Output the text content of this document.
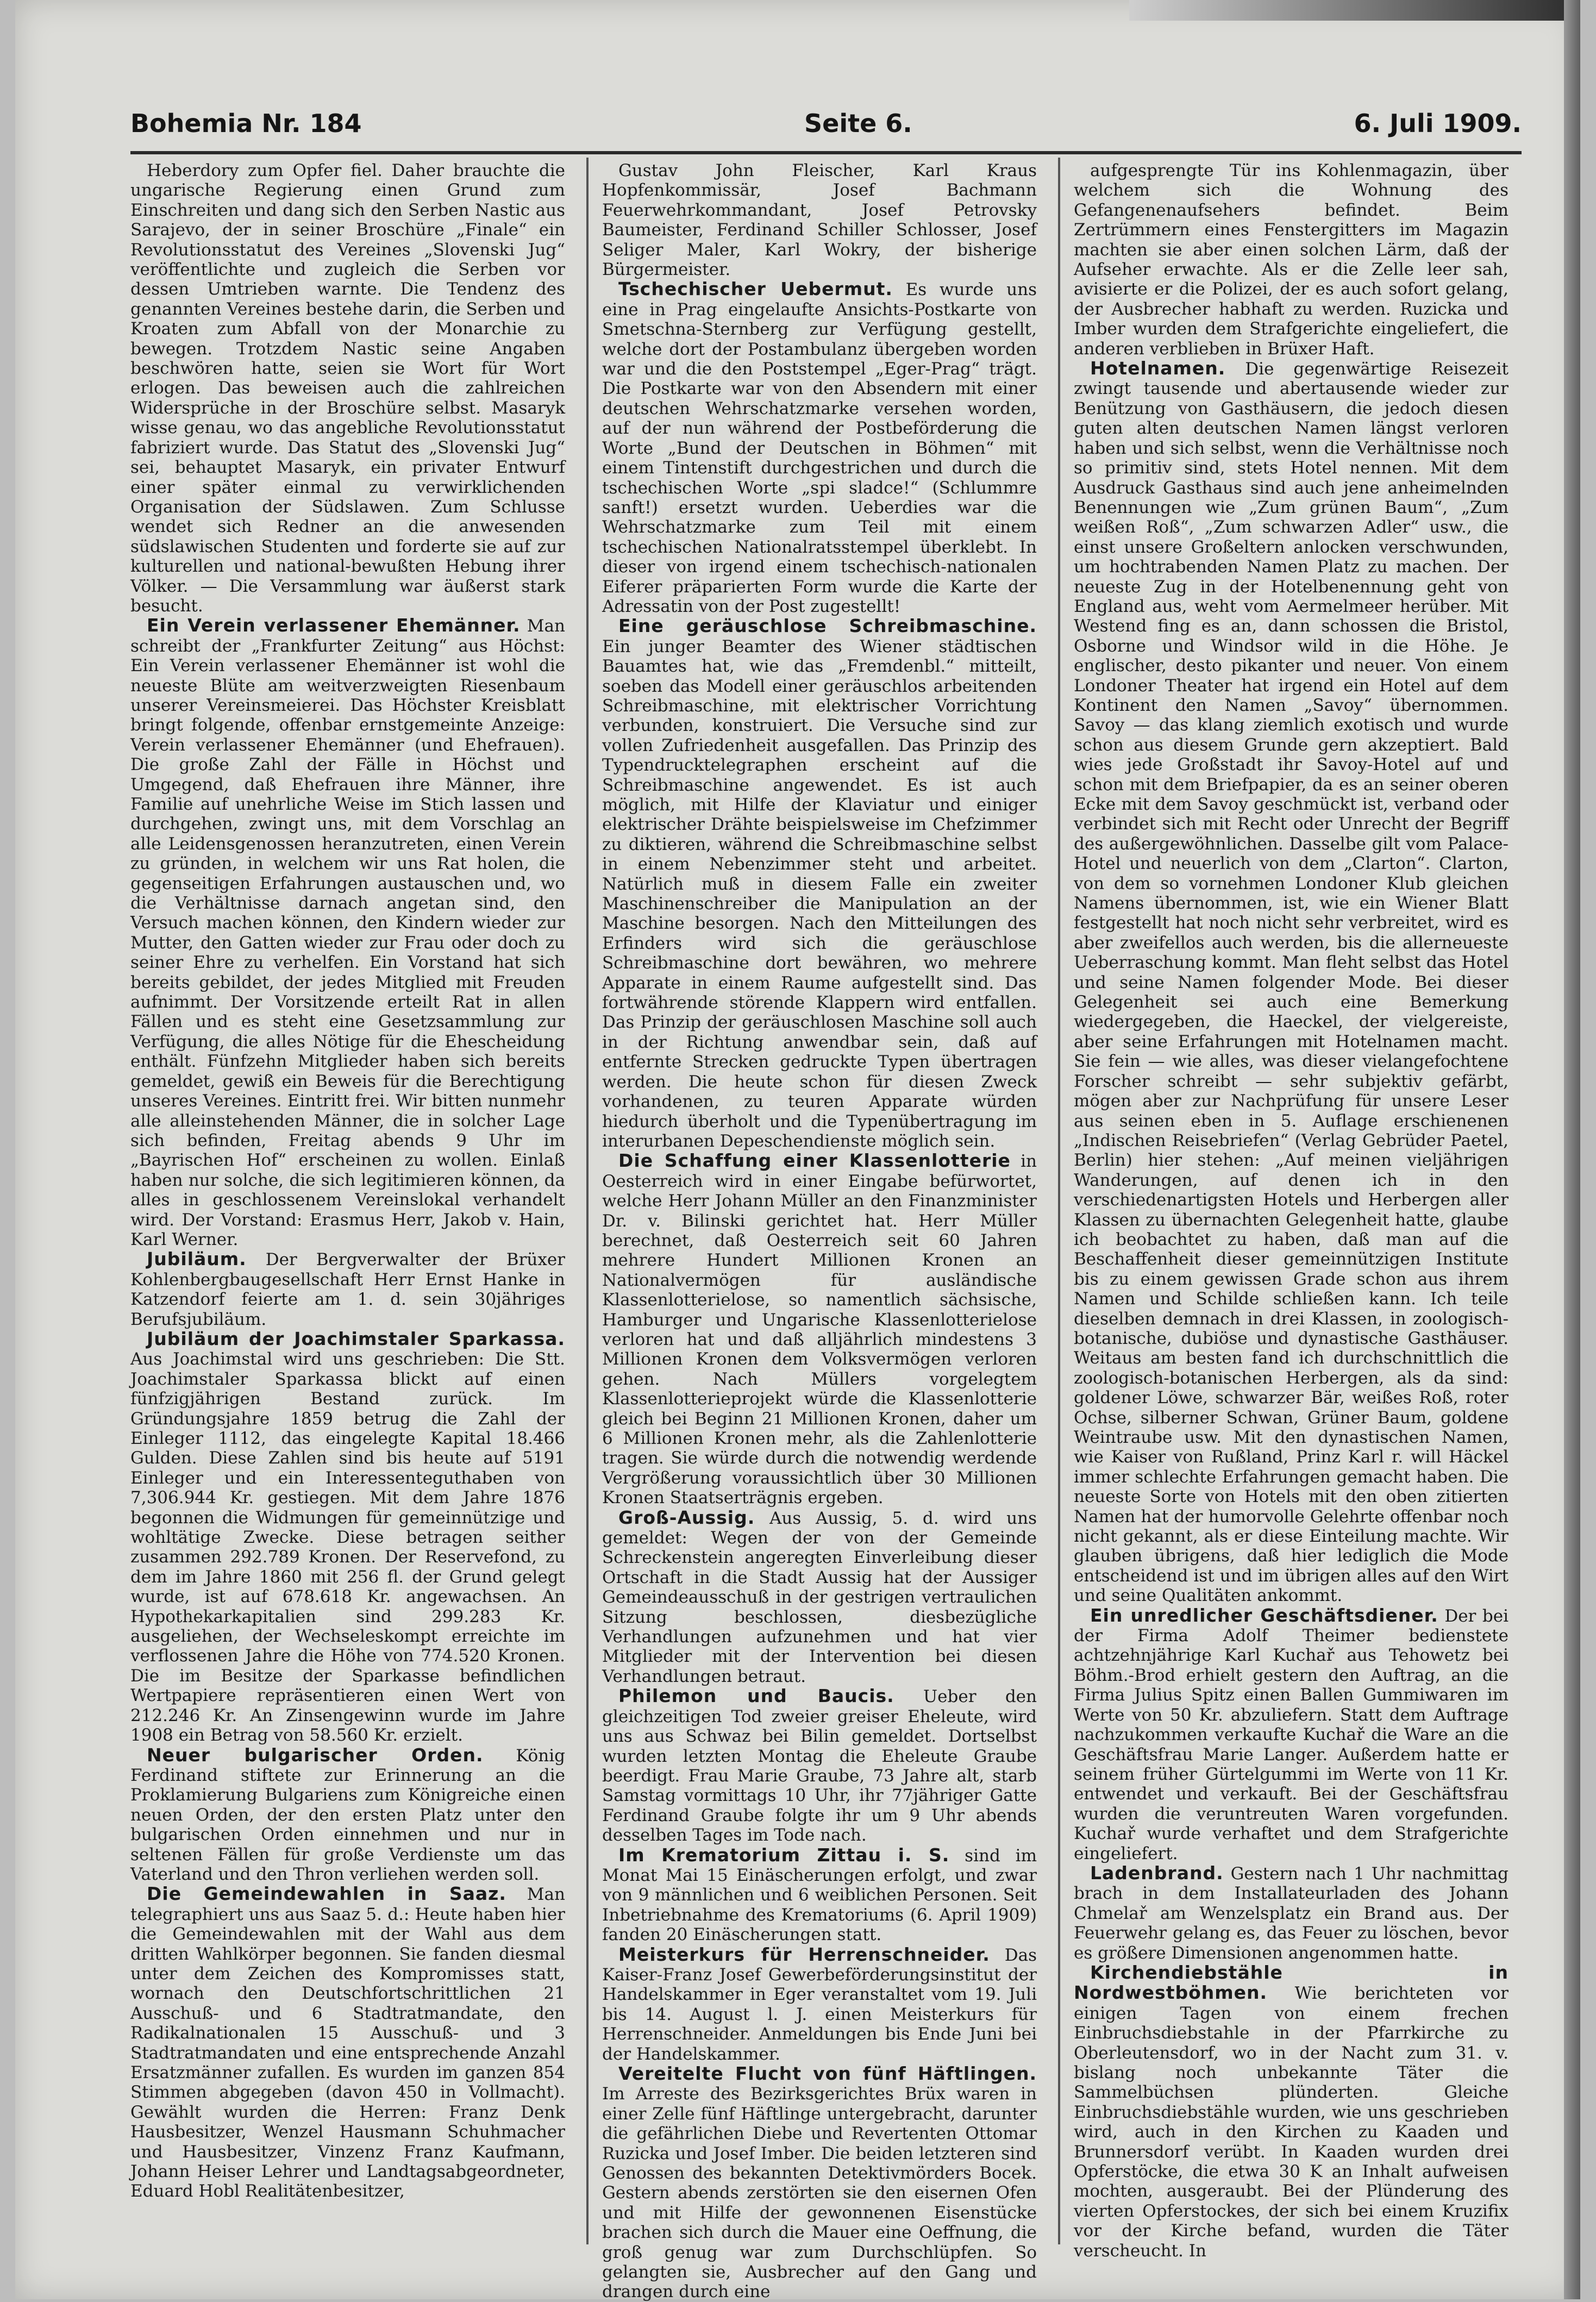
Bohemia Nr. 184	Seite 6.	6. Juli 1909.

Heberdory zum Opfer fiel. Daher brauchte die ungarische Regierung einen Grund zum Einschreiten und dang sich den Serben Nastic aus Sarajevo, der in seiner Broschüre „Finale“ ein Revolutionsstatut des Vereines „Slovenski Jug“ veröffentlichte und zugleich die Serben vor dessen Umtrieben warnte. Die Tendenz des genannten Vereines bestehe darin, die Serben und Kroaten zum Abfall von der Monarchie zu bewegen. Trotzdem Nastic seine Angaben beschwören hatte, seien sie Wort für Wort erlogen. Das beweisen auch die zahlreichen Widersprüche in der Broschüre selbst. Masaryk wisse genau, wo das angebliche Revolutionsstatut fabriziert wurde. Das Statut des „Slovenski Jug“ sei, behauptet Masaryk, ein privater Entwurf einer später einmal zu verwirklichenden Organisation der Südslawen. Zum Schlusse wendet sich Redner an die anwesenden südslawischen Studenten und forderte sie auf zur kulturellen und national-bewußten Hebung ihrer Völker. — Die Versammlung war äußerst stark besucht.

Ein Verein verlassener Ehemänner. Man schreibt der „Frankfurter Zeitung“ aus Höchst: Ein Verein verlassener Ehemänner ist wohl die neueste Blüte am weitverzweigten Riesenbaum unserer Vereinsmeierei. Das Höchster Kreisblatt bringt folgende, offenbar ernstgemeinte Anzeige: Verein verlassener Ehemänner (und Ehefrauen). Die große Zahl der Fälle in Höchst und Umgegend, daß Ehefrauen ihre Männer, ihre Familie auf unehrliche Weise im Stich lassen und durchgehen, zwingt uns, mit dem Vorschlag an alle Leidensgenossen heranzutreten, einen Verein zu gründen, in welchem wir uns Rat holen, die gegenseitigen Erfahrungen austauschen und, wo die Verhältnisse darnach angetan sind, den Versuch machen können, den Kindern wieder zur Mutter, den Gatten wieder zur Frau oder doch zu seiner Ehre zu verhelfen. Ein Vorstand hat sich bereits gebildet, der jedes Mitglied mit Freuden aufnimmt. Der Vorsitzende erteilt Rat in allen Fällen und es steht eine Gesetzsammlung zur Verfügung, die alles Nötige für die Ehescheidung enthält. Fünfzehn Mitglieder haben sich bereits gemeldet, gewiß ein Beweis für die Berechtigung unseres Vereines. Eintritt frei. Wir bitten nunmehr alle alleinstehenden Männer, die in solcher Lage sich befinden, Freitag abends 9 Uhr im „Bayrischen Hof“ erscheinen zu wollen. Einlaß haben nur solche, die sich legitimieren können, da alles in geschlossenem Vereinslokal verhandelt wird. Der Vorstand: Erasmus Herr, Jakob v. Hain, Karl Werner.

Jubiläum. Der Bergverwalter der Brüxer Kohlenbergbaugesellschaft Herr Ernst Hanke in Katzendorf feierte am 1. d. sein 30jähriges Berufsjubiläum.

Jubiläum der Joachimstaler Sparkassa. Aus Joachimstal wird uns geschrieben: Die Stt. Joachimstaler Sparkassa blickt auf einen fünfzigjährigen Bestand zurück. Im Gründungsjahre 1859 betrug die Zahl der Einleger 1112, das eingelegte Kapital 18.466 Gulden. Diese Zahlen sind bis heute auf 5191 Einleger und ein Interessenteguthaben von 7,306.944 Kr. gestiegen. Mit dem Jahre 1876 begonnen die Widmungen für gemeinnützige und wohltätige Zwecke. Diese betragen seither zusammen 292.789 Kronen. Der Reservefond, zu dem im Jahre 1860 mit 256 fl. der Grund gelegt wurde, ist auf 678.618 Kr. angewachsen. An Hypothekarkapitalien sind 299.283 Kr. ausgeliehen, der Wechseleskompt erreichte im verflossenen Jahre die Höhe von 774.520 Kronen. Die im Besitze der Sparkasse befindlichen Wertpapiere repräsentieren einen Wert von 212.246 Kr. An Zinsengewinn wurde im Jahre 1908 ein Betrag von 58.560 Kr. erzielt.

Neuer bulgarischer Orden. König Ferdinand stiftete zur Erinnerung an die Proklamierung Bulgariens zum Königreiche einen neuen Orden, der den ersten Platz unter den bulgarischen Orden einnehmen und nur in seltenen Fällen für große Verdienste um das Vaterland und den Thron verliehen werden soll.

Die Gemeindewahlen in Saaz. Man telegraphiert uns aus Saaz 5. d.: Heute haben hier die Gemeindewahlen mit der Wahl aus dem dritten Wahlkörper begonnen. Sie fanden diesmal unter dem Zeichen des Kompromisses statt, wornach den Deutschfortschrittlichen 21 Ausschuß- und 6 Stadtratmandate, den Radikalnationalen 15 Ausschuß- und 3 Stadtratmandaten und eine entsprechende Anzahl Ersatzmänner zufallen. Es wurden im ganzen 854 Stimmen abgegeben (davon 450 in Vollmacht). Gewählt wurden die Herren: Franz Denk Hausbesitzer, Wenzel Hausmann Schuhmacher und Hausbesitzer, Vinzenz Franz Kaufmann, Johann Heiser Lehrer und Landtagsabgeordneter, Eduard Hobl Realitätenbesitzer,

Gustav John Fleischer, Karl Kraus Hopfenkommissär, Josef Bachmann Feuerwehrkommandant, Josef Petrovsky Baumeister, Ferdinand Schiller Schlosser, Josef Seliger Maler, Karl Wokry, der bisherige Bürgermeister.

Tschechischer Uebermut. Es wurde uns eine in Prag eingelaufte Ansichts-Postkarte von Smetschna-Sternberg zur Verfügung gestellt, welche dort der Postambulanz übergeben worden war und die den Poststempel „Eger-Prag“ trägt. Die Postkarte war von den Absendern mit einer deutschen Wehrschatzmarke versehen worden, auf der nun während der Postbeförderung die Worte „Bund der Deutschen in Böhmen“ mit einem Tintenstift durchgestrichen und durch die tschechischen Worte „spi sladce!“ (Schlummre sanft!) ersetzt wurden. Ueberdies war die Wehrschatzmarke zum Teil mit einem tschechischen Nationalratsstempel überklebt. In dieser von irgend einem tschechisch-nationalen Eiferer präparierten Form wurde die Karte der Adressatin von der Post zugestellt!

Eine geräuschlose Schreibmaschine. Ein junger Beamter des Wiener städtischen Bauamtes hat, wie das „Fremdenbl.“ mitteilt, soeben das Modell einer geräuschlos arbeitenden Schreibmaschine, mit elektrischer Vorrichtung verbunden, konstruiert. Die Versuche sind zur vollen Zufriedenheit ausgefallen. Das Prinzip des Typendrucktelegraphen erscheint auf die Schreibmaschine angewendet. Es ist auch möglich, mit Hilfe der Klaviatur und einiger elektrischer Drähte beispielsweise im Chefzimmer zu diktieren, während die Schreibmaschine selbst in einem Nebenzimmer steht und arbeitet. Natürlich muß in diesem Falle ein zweiter Maschinenschreiber die Manipulation an der Maschine besorgen. Nach den Mitteilungen des Erfinders wird sich die geräuschlose Schreibmaschine dort bewähren, wo mehrere Apparate in einem Raume aufgestellt sind. Das fortwährende störende Klappern wird entfallen. Das Prinzip der geräuschlosen Maschine soll auch in der Richtung anwendbar sein, daß auf entfernte Strecken gedruckte Typen übertragen werden. Die heute schon für diesen Zweck vorhandenen, zu teuren Apparate würden hiedurch überholt und die Typenübertragung im interurbanen Depeschendienste möglich sein.

Die Schaffung einer Klassenlotterie in Oesterreich wird in einer Eingabe befürwortet, welche Herr Johann Müller an den Finanzminister Dr. v. Bilinski gerichtet hat. Herr Müller berechnet, daß Oesterreich seit 60 Jahren mehrere Hundert Millionen Kronen an Nationalvermögen für ausländische Klassenlotterielose, so namentlich sächsische, Hamburger und Ungarische Klassenlotterielose verloren hat und daß alljährlich mindestens 3 Millionen Kronen dem Volksvermögen verloren gehen. Nach Müllers vorgelegtem Klassenlotterieprojekt würde die Klassenlotterie gleich bei Beginn 21 Millionen Kronen, daher um 6 Millionen Kronen mehr, als die Zahlenlotterie tragen. Sie würde durch die notwendig werdende Vergrößerung voraussichtlich über 30 Millionen Kronen Staatserträgnis ergeben.

Groß-Aussig. Aus Aussig, 5. d. wird uns gemeldet: Wegen der von der Gemeinde Schreckenstein angeregten Einverleibung dieser Ortschaft in die Stadt Aussig hat der Aussiger Gemeindeausschuß in der gestrigen vertraulichen Sitzung beschlossen, diesbezügliche Verhandlungen aufzunehmen und hat vier Mitglieder mit der Intervention bei diesen Verhandlungen betraut.

Philemon und Baucis. Ueber den gleichzeitigen Tod zweier greiser Eheleute, wird uns aus Schwaz bei Bilin gemeldet. Dortselbst wurden letzten Montag die Eheleute Graube beerdigt. Frau Marie Graube, 73 Jahre alt, starb Samstag vormittags 10 Uhr, ihr 77jähriger Gatte Ferdinand Graube folgte ihr um 9 Uhr abends desselben Tages im Tode nach.

Im Krematorium Zittau i. S. sind im Monat Mai 15 Einäscherungen erfolgt, und zwar von 9 männlichen und 6 weiblichen Personen. Seit Inbetriebnahme des Krematoriums (6. April 1909) fanden 20 Einäscherungen statt.

Meisterkurs für Herrenschneider. Das Kaiser-Franz Josef Gewerbeförderungsinstitut der Handelskammer in Eger veranstaltet vom 19. Juli bis 14. August l. J. einen Meisterkurs für Herrenschneider. Anmeldungen bis Ende Juni bei der Handelskammer.

Vereitelte Flucht von fünf Häftlingen. Im Arreste des Bezirksgerichtes Brüx waren in einer Zelle fünf Häftlinge untergebracht, darunter die gefährlichen Diebe und Revertenten Ottomar Ruzicka und Josef Imber. Die beiden letzteren sind Genossen des bekannten Detektivmörders Bocek. Gestern abends zerstörten sie den eisernen Ofen und mit Hilfe der gewonnenen Eisenstücke brachen sich durch die Mauer eine Oeffnung, die groß genug war zum Durchschlüpfen. So gelangten sie, Ausbrecher auf den Gang und drangen durch eine

aufgesprengte Tür ins Kohlenmagazin, über welchem sich die Wohnung des Gefangenenaufsehers befindet. Beim Zertrümmern eines Fenstergitters im Magazin machten sie aber einen solchen Lärm, daß der Aufseher erwachte. Als er die Zelle leer sah, avisierte er die Polizei, der es auch sofort gelang, der Ausbrecher habhaft zu werden. Ruzicka und Imber wurden dem Strafgerichte eingeliefert, die anderen verblieben in Brüxer Haft.

Hotelnamen. Die gegenwärtige Reisezeit zwingt tausende und abertausende wieder zur Benützung von Gasthäusern, die jedoch diesen guten alten deutschen Namen längst verloren haben und sich selbst, wenn die Verhältnisse noch so primitiv sind, stets Hotel nennen. Mit dem Ausdruck Gasthaus sind auch jene anheimelnden Benennungen wie „Zum grünen Baum“, „Zum weißen Roß“, „Zum schwarzen Adler“ usw., die einst unsere Großeltern anlocken verschwunden, um hochtrabenden Namen Platz zu machen. Der neueste Zug in der Hotelbenennung geht von England aus, weht vom Aermelmeer herüber. Mit Westend fing es an, dann schossen die Bristol, Osborne und Windsor wild in die Höhe. Je englischer, desto pikanter und neuer. Von einem Londoner Theater hat irgend ein Hotel auf dem Kontinent den Namen „Savoy“ übernommen. Savoy — das klang ziemlich exotisch und wurde schon aus diesem Grunde gern akzeptiert. Bald wies jede Großstadt ihr Savoy-Hotel auf und schon mit dem Briefpapier, da es an seiner oberen Ecke mit dem Savoy geschmückt ist, verband oder verbindet sich mit Recht oder Unrecht der Begriff des außergewöhnlichen. Dasselbe gilt vom Palace-Hotel und neuerlich von dem „Clarton“. Clarton, von dem so vornehmen Londoner Klub gleichen Namens übernommen, ist, wie ein Wiener Blatt festgestellt hat noch nicht sehr verbreitet, wird es aber zweifellos auch werden, bis die allerneueste Ueberraschung kommt. Man fleht selbst das Hotel und seine Namen folgender Mode. Bei dieser Gelegenheit sei auch eine Bemerkung wiedergegeben, die Haeckel, der vielgereiste, aber seine Erfahrungen mit Hotelnamen macht. Sie fein — wie alles, was dieser vielangefochtene Forscher schreibt — sehr subjektiv gefärbt, mögen aber zur Nachprüfung für unsere Leser aus seinen eben in 5. Auflage erschienenen „Indischen Reisebriefen“ (Verlag Gebrüder Paetel, Berlin) hier stehen: „Auf meinen vieljährigen Wanderungen, auf denen ich in den verschiedenartigsten Hotels und Herbergen aller Klassen zu übernachten Gelegenheit hatte, glaube ich beobachtet zu haben, daß man auf die Beschaffenheit dieser gemeinnützigen Institute bis zu einem gewissen Grade schon aus ihrem Namen und Schilde schließen kann. Ich teile dieselben demnach in drei Klassen, in zoologisch-botanische, dubiöse und dynastische Gasthäuser. Weitaus am besten fand ich durchschnittlich die zoologisch-botanischen Herbergen, als da sind: goldener Löwe, schwarzer Bär, weißes Roß, roter Ochse, silberner Schwan, Grüner Baum, goldene Weintraube usw. Mit den dynastischen Namen, wie Kaiser von Rußland, Prinz Karl r. will Häckel immer schlechte Erfahrungen gemacht haben. Die neueste Sorte von Hotels mit den oben zitierten Namen hat der humorvolle Gelehrte offenbar noch nicht gekannt, als er diese Einteilung machte. Wir glauben übrigens, daß hier lediglich die Mode entscheidend ist und im übrigen alles auf den Wirt und seine Qualitäten ankommt.

Ein unredlicher Geschäftsdiener. Der bei der Firma Adolf Theimer bedienstete achtzehnjährige Karl Kuchař aus Tehowetz bei Böhm.-Brod erhielt gestern den Auftrag, an die Firma Julius Spitz einen Ballen Gummiwaren im Werte von 50 Kr. abzuliefern. Statt dem Auftrage nachzukommen verkaufte Kuchař die Ware an die Geschäftsfrau Marie Langer. Außerdem hatte er seinem früher Gürtelgummi im Werte von 11 Kr. entwendet und verkauft. Bei der Geschäftsfrau wurden die veruntreuten Waren vorgefunden. Kuchař wurde verhaftet und dem Strafgerichte eingeliefert.

Ladenbrand. Gestern nach 1 Uhr nachmittag brach in dem Installateurladen des Johann Chmelař am Wenzelsplatz ein Brand aus. Der Feuerwehr gelang es, das Feuer zu löschen, bevor es größere Dimensionen angenommen hatte.

Kirchendiebstähle in Nordwestböhmen. Wie berichteten vor einigen Tagen von einem frechen Einbruchsdiebstahle in der Pfarrkirche zu Oberleutensdorf, wo in der Nacht zum 31. v. bislang noch unbekannte Täter die Sammelbüchsen plünderten. Gleiche Einbruchsdiebstähle wurden, wie uns geschrieben wird, auch in den Kirchen zu Kaaden und Brunnersdorf verübt. In Kaaden wurden drei Opferstöcke, die etwa 30 K an Inhalt aufweisen mochten, ausgeraubt. Bei der Plünderung des vierten Opferstockes, der sich bei einem Kruzifix vor der Kirche befand, wurden die Täter verscheucht. In
